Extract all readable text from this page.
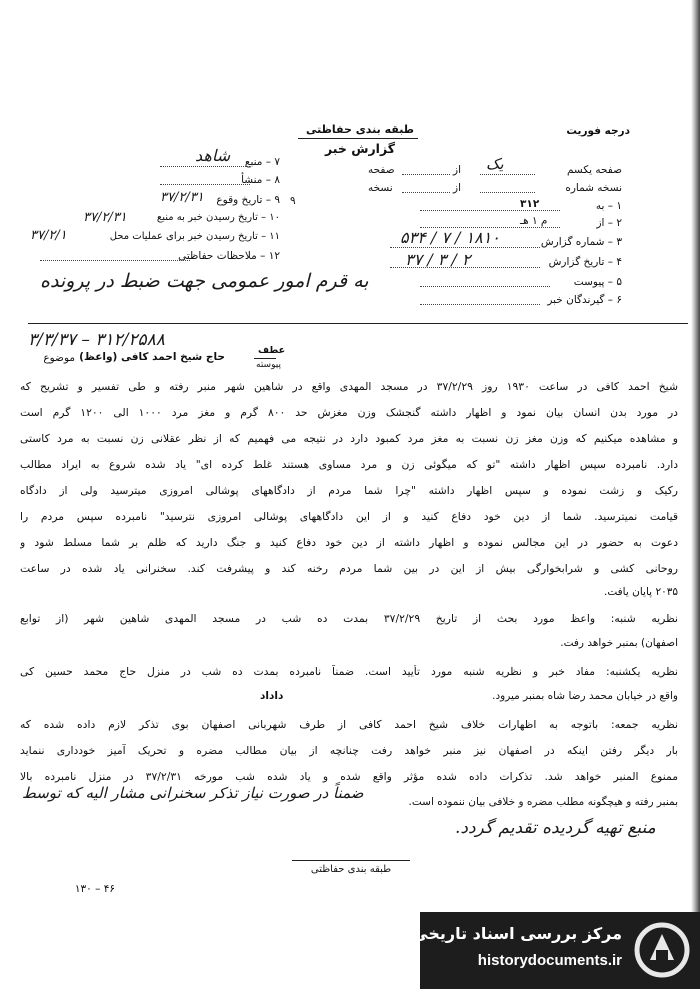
طبقه بندی حفاظتی
گزارش خبر
درجه فوریت
صفحه یکسم
یک
از
صفحه
نسخه شماره
از
نسخه
۱ – به
۳۱۲
۲ – از
م ۱ هـ
۳ – شماره گزارش
۱۸۱۰ / ۷ / ۵۳۴
۴ – تاریخ گزارش
۲ / ۳ / ۳۷
۵ – پیوست
۶ – گیرندگان خبر
۷ – منبع
شاهد
۸ – منشأ
۹ – تاریخ وقوع
۳۷/۲/۳۱	۹
۱۰ – تاریخ رسیدن خبر به منبع
۳۷/۲/۳۱
۱۱ – تاریخ رسیدن خبر برای عملیات محل
۳۷/۲/۱
۱۲ – ملاحظات حفاظتی
به قرم امور عمومی جهت ضبط در پرونده
۳۱۲/۲۵۸۸ – ۳/۳/۳۷
عطف
پیوسته
موضوع حاج شیخ احمد کافی (واعظ)
شیخ احمد کافی در ساعت ۱۹۳۰ روز ۳۷/۲/۲۹ در مسجد المهدی واقع در شاهین شهر منبر رفته و طی تفسیر و تشریح که
در مورد بدن انسان بیان نمود و اظهار داشته گنجشک وزن مغزش حد ۸۰۰ گرم و مغز مرد ۱۰۰۰ الی ۱۲۰۰ گرم است
و مشاهده میکنیم که وزن مغز زن نسبت به مغز مرد کمبود دارد در نتیجه می فهمیم که از نظر عقلانی زن نسبت به مرد کاستی
دارد. نامبرده سپس اظهار داشته "تو که میگوئی زن و مرد مساوی هستند غلط کرده ای" یاد شده شروع به ایراد مطالب
رکیک و زشت نموده و سپس اظهار داشته "چرا شما مردم از دادگاههای پوشالی امروزی میترسید ولی از دادگاه
قیامت نمیترسید. شما از دین خود دفاع کنید و از این دادگاههای پوشالی امروزی نترسید" نامبرده سپس مردم را
دعوت به حضور در این مجالس نموده و اظهار داشته از دین خود دفاع کنید و جنگ دارید که ظلم بر شما مسلط شود و
روحانی کشی و شرابخوارگی بیش از این در بین شما مردم رخنه کند و پیشرفت کند. سخنرانی یاد شده در ساعت
۲۰۳۵ پایان یافت.
نظریه شنبه: واعظ مورد بحث از تاریخ ۳۷/۲/۲۹ بمدت ده شب در مسجد المهدی شاهین شهر (از توابع
اصفهان) بمنبر خواهد رفت.
نظریه یکشنبه: مفاد خبر و نظریه شنبه مورد تأیید است. ضمناً نامبرده بمدت ده شب در منزل حاج محمد حسین کی
واقع در خیابان محمد رضا شاه بمنبر میرود.
داداد
نظریه جمعه: باتوجه به اظهارات خلاف شیخ احمد کافی از طرف شهربانی اصفهان بوی تذکر لازم داده شده که
بار دیگر رفتن اینکه در اصفهان نیز منبر خواهد رفت چنانچه از بیان مطالب مضره و تحریک آمیز خودداری ننماید
ممنوع المنبر خواهد شد. تذکرات داده شده مؤثر واقع شده و یاد شده شب مورخه ۳۷/۲/۳۱ در منزل نامبرده بالا
بمنبر رفته و هیچگونه مطلب مضره و خلافی بیان ننموده است.
ضمناً در صورت نیاز تذکر سخنرانی مشار الیه که توسط
منبع تهیه گردیده تقدیم گردد.
طبقه بندی حفاظتی
۴۶ – ۱۳۰
مرکز بررسی اسناد تاریخی
historydocuments.ir
